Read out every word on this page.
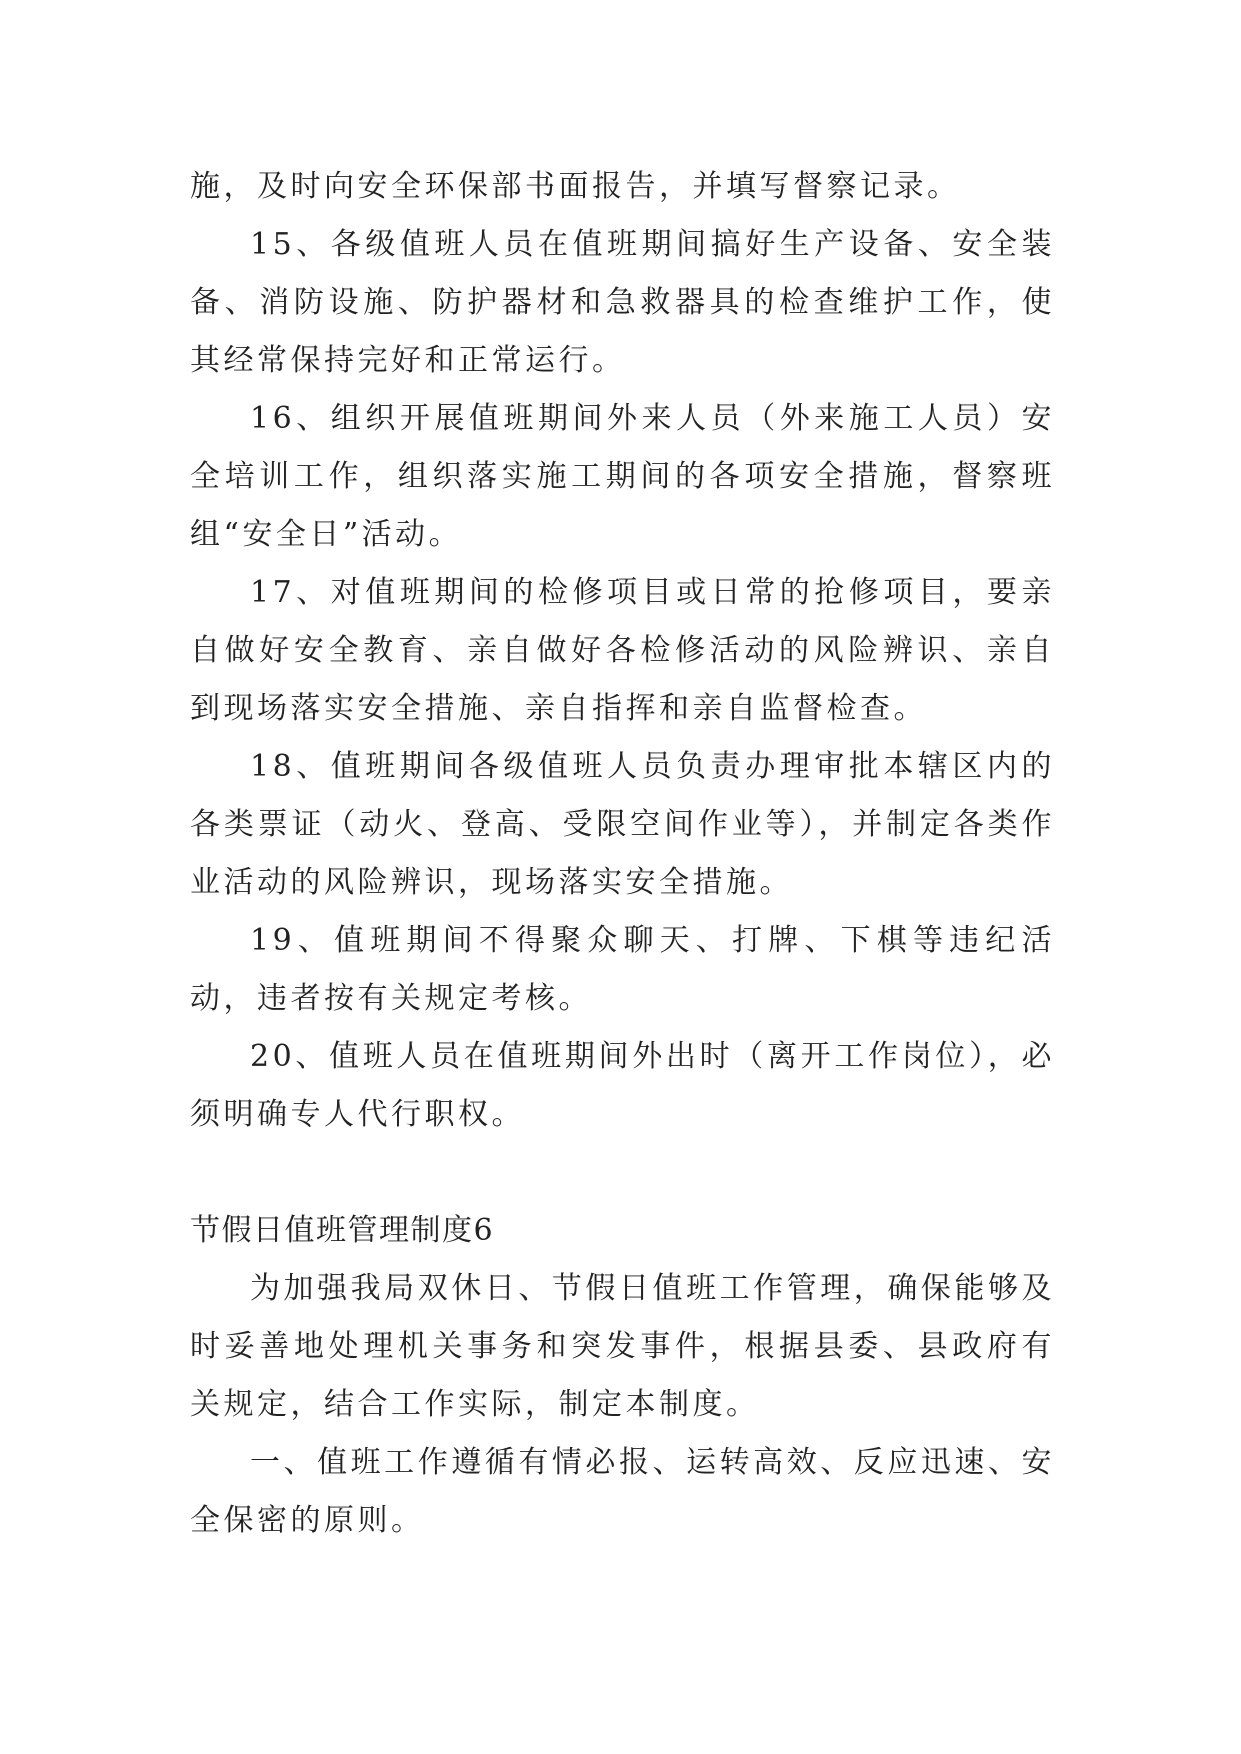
施，及时向安全环保部书面报告，并填写督察记录。

15、各级值班人员在值班期间搞好生产设备、安全装备、消防设施、防护器材和急救器具的检查维护工作，使其经常保持完好和正常运行。

16、组织开展值班期间外来人员（外来施工人员）安全培训工作，组织落实施工期间的各项安全措施，督察班组“安全日”活动。

17、对值班期间的检修项目或日常的抢修项目，要亲自做好安全教育、亲自做好各检修活动的风险辨识、亲自到现场落实安全措施、亲自指挥和亲自监督检查。

18、值班期间各级值班人员负责办理审批本辖区内的各类票证（动火、登高、受限空间作业等），并制定各类作业活动的风险辨识，现场落实安全措施。

19、值班期间不得聚众聊天、打牌、下棋等违纪活动，违者按有关规定考核。

20、值班人员在值班期间外出时（离开工作岗位），必须明确专人代行职权。

节假日值班管理制度6

为加强我局双休日、节假日值班工作管理，确保能够及时妥善地处理机关事务和突发事件，根据县委、县政府有关规定，结合工作实际，制定本制度。

一、值班工作遵循有情必报、运转高效、反应迅速、安全保密的原则。
